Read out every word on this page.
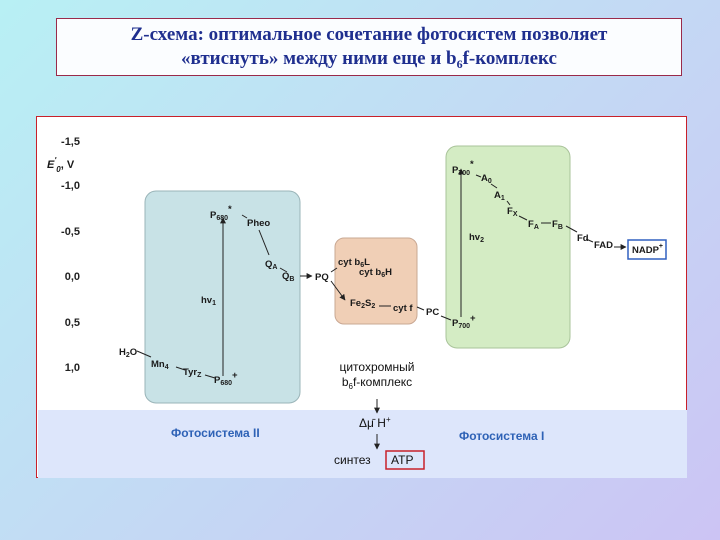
Z-схема: оптимальное сочетание фотосистем позволяет
«втиснуть» между ними еще и $b_6f$-комплекс
$E'_0$, V
-1,5
-1,0
-0,5
0,0
0,5
1,0
$H_2O$
$Mn_4$ Tyr$_Z$ $P_{680}+$
$P_{680}*$
Pheo
$Q_A$
$Q_B$
$hv_1$
PQ
cyt $b_6L$
cyt $b_6H$
$Fe_2S_2$ cyt f PC
$P_{700}+$
$P_{700}*$
$A_0$
$A_1$
$F_X$
$F_A$ $F_B$
Fd
FAD NADP+
$hv_2$
цитохромный
$b_6f$-комплекс
Δμ̄ H+
синтез ATP
Фотосистема II	Фотосистема I
